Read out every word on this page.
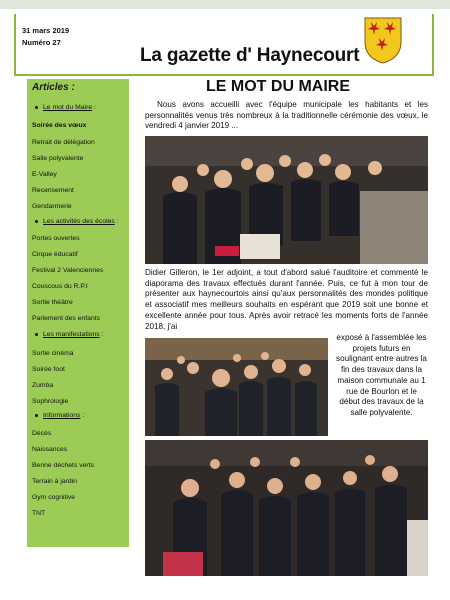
31 mars 2019
Numéro 27
La gazette d' Haynecourt
Articles :
Le mot du Maire :
Soirée des vœux
Retrait de délégation
Salle polyvalente
E-Valley
Recensement
Gendarmerie
Les activités des écoles :
Portes ouvertes
Cirque éducatif
Festival 2 Valenciennes
Couscous du R.P.I
Sortie théâtre
Parlement des enfants
Les manifestations :
Sortie cinéma
Soirée foot
Zumba
Sophrologie
Informations :
Décès
Naissances
Benne déchets verts
Terrain à jardin
Gym cognitive
TNT
LE MOT DU MAIRE
Nous avons accueilli avec l'équipe municipale les habitants et les personnalités venus très nombreux à la traditionnelle cérémonie des vœux, le vendredi 4 janvier 2019 ...
Didier Gilleron, le 1er adjoint, a tout d'abord salué l'auditoire et commenté le diaporama des travaux effectués durant l'année. Puis, ce fut à mon tour de présenter aux haynecourtois ainsi qu'aux personnalités des mondes politique et associatif mes meilleurs souhaits en espérant que 2019 soit une bonne et excellente année pour tous. Après avoir retracé les moments forts de l'année 2018, j'ai
exposé à l'assemblée les projets futurs en soulignant entre autres la fin des travaux dans la maison communale au 1 rue de Bourlon et le début des travaux de la salle polyvalente.
